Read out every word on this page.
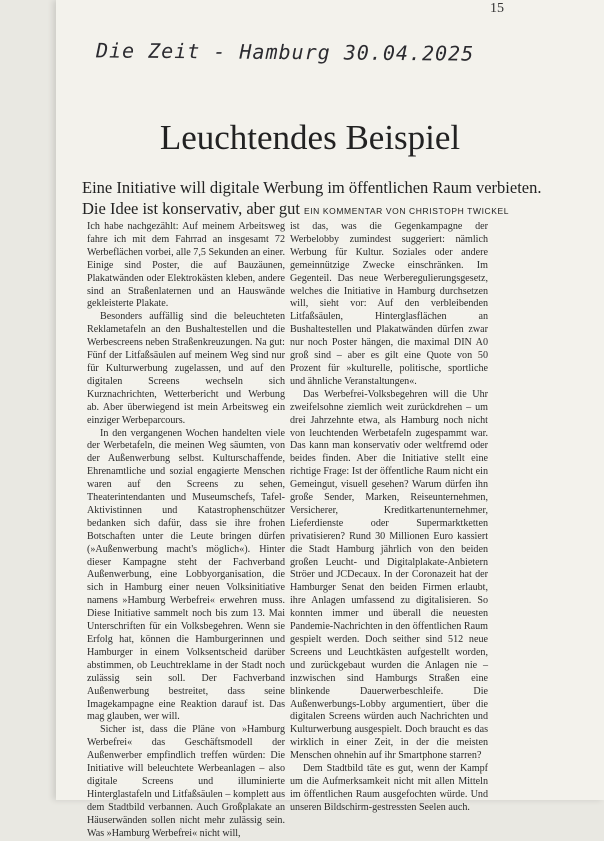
15
Die Zeit - Hamburg 30.04.2025
Leuchtendes Beispiel
Eine Initiative will digitale Werbung im öffentlichen Raum verbieten.
Die Idee ist konservativ, aber gut EIN KOMMENTAR VON CHRISTOPH TWICKEL

Ich habe nachgezählt: Auf meinem Arbeitsweg fahre ich mit dem Fahrrad an insgesamt 72 Werbeflächen vorbei, alle 7,5 Sekunden an einer. Einige sind Poster, die auf Bauzäunen, Plakatwänden oder Elektrokästen kleben, andere sind an Straßenlaternen und an Hauswände gekleisterte Plakate.

Besonders auffällig sind die beleuchteten Reklametafeln an den Bushaltestellen und die Werbescreens neben Straßenkreuzungen. Na gut: Fünf der Litfaßsäulen auf meinem Weg sind nur für Kulturwerbung zugelassen, und auf den digitalen Screens wechseln sich Kurznachrichten, Wetterbericht und Werbung ab. Aber überwiegend ist mein Arbeitsweg ein einziger Werbeparcours.

In den vergangenen Wochen handelten viele der Werbetafeln, die meinen Weg säumten, von der Außenwerbung selbst. Kulturschaffende, Ehrenamtliche und sozial engagierte Menschen waren auf den Screens zu sehen, Theaterintendanten und Museumschefs, Tafel-Aktivistinnen und Katastrophenschützer bedanken sich dafür, dass sie ihre frohen Botschaften unter die Leute bringen dürfen (»Außenwerbung macht's möglich«). Hinter dieser Kampagne steht der Fachverband Außenwerbung, eine Lobbyorganisation, die sich in Hamburg einer neuen Volksinitiative namens »Hamburg Werbefrei« erwehren muss. Diese Initiative sammelt noch bis zum 13. Mai Unterschriften für ein Volksbegehren. Wenn sie Erfolg hat, können die Hamburgerinnen und Hamburger in einem Volksentscheid darüber abstimmen, ob Leuchtreklame in der Stadt noch zulässig sein soll. Der Fachverband Außenwerbung bestreitet, dass seine Imagekampagne eine Reaktion darauf ist. Das mag glauben, wer will.

Sicher ist, dass die Pläne von »Hamburg Werbefrei« das Geschäftsmodell der Außenwerber empfindlich treffen würden: Die Initiative will beleuchtete Werbeanlagen – also digitale Screens und illuminierte Hinterglastafeln und Litfaßsäulen – komplett aus dem Stadtbild verbannen. Auch Großplakate an Häuserwänden sollen nicht mehr zulässig sein. Was »Hamburg Werbefrei« nicht will,

ist das, was die Gegenkampagne der Werbelobby zumindest suggeriert: nämlich Werbung für Kultur. Soziales oder andere gemeinnützige Zwecke einschränken. Im Gegenteil. Das neue Werberegulierungsgesetz, welches die Initiative in Hamburg durchsetzen will, sieht vor: Auf den verbleibenden Litfaßsäulen, Hinterglasflächen an Bushaltestellen und Plakatwänden dürfen zwar nur noch Poster hängen, die maximal DIN A0 groß sind – aber es gilt eine Quote von 50 Prozent für »kulturelle, politische, sportliche und ähnliche Veranstaltungen«.

Das Werbefrei-Volksbegehren will die Uhr zweifelsohne ziemlich weit zurückdrehen – um drei Jahrzehnte etwa, als Hamburg noch nicht von leuchtenden Werbetafeln zugespammt war. Das kann man konservativ oder weltfremd oder beides finden. Aber die Initiative stellt eine richtige Frage: Ist der öffentliche Raum nicht ein Gemeingut, visuell gesehen? Warum dürfen ihn große Sender, Marken, Reiseunternehmen, Versicherer, Kreditkartenunternehmer, Lieferdienste oder Supermarktketten privatisieren? Rund 30 Millionen Euro kassiert die Stadt Hamburg jährlich von den beiden großen Leucht- und Digitalplakate-Anbietern Ströer und JCDecaux. In der Coronazeit hat der Hamburger Senat den beiden Firmen erlaubt, ihre Anlagen umfassend zu digitalisieren. So konnten immer und überall die neuesten Pandemie-Nachrichten in den öffentlichen Raum gespielt werden. Doch seither sind 512 neue Screens und Leuchtkästen aufgestellt worden, und zurückgebaut wurden die Anlagen nie – inzwischen sind Hamburgs Straßen eine blinkende Dauerwerbeschleife. Die Außenwerbungs-Lobby argumentiert, über die digitalen Screens würden auch Nachrichten und Kulturwerbung ausgespielt. Doch braucht es das wirklich in einer Zeit, in der die meisten Menschen ohnehin auf ihr Smartphone starren?

Dem Stadtbild täte es gut, wenn der Kampf um die Aufmerksamkeit nicht mit allen Mitteln im öffentlichen Raum ausgefochten würde. Und unseren Bildschirm-gestressten Seelen auch.
